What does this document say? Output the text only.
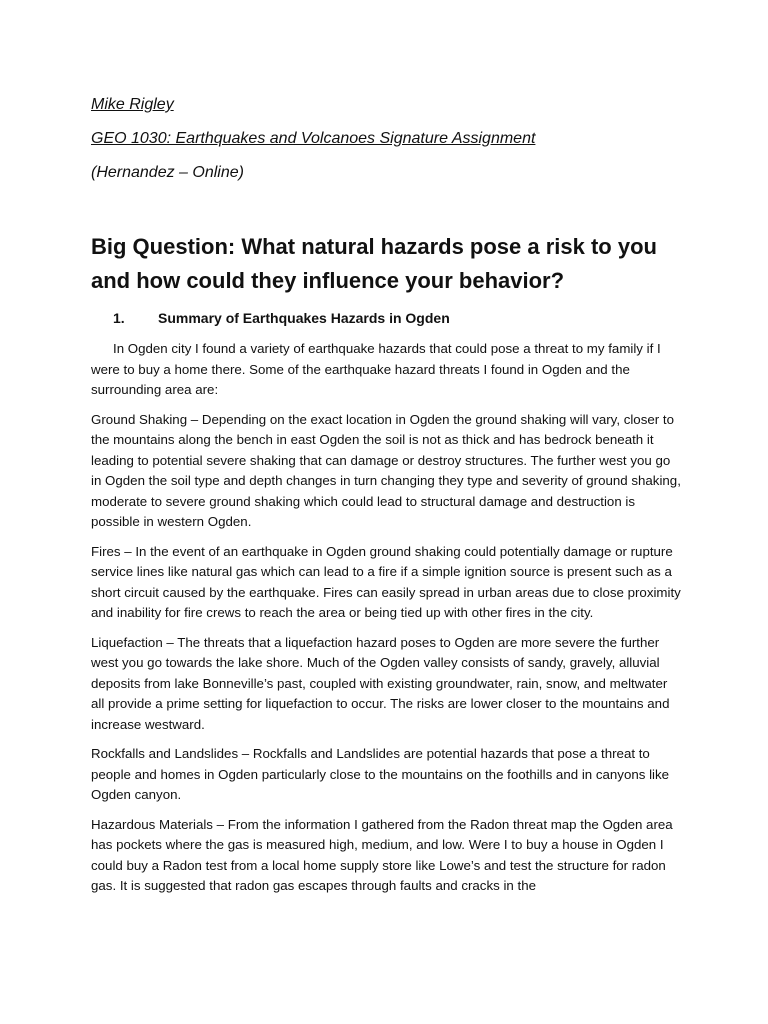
Mike Rigley
GEO 1030: Earthquakes and Volcanoes Signature Assignment
(Hernandez – Online)
Big Question: What natural hazards pose a risk to you and how could they influence your behavior?
1. Summary of Earthquakes Hazards in Ogden

In Ogden city I found a variety of earthquake hazards that could pose a threat to my family if I were to buy a home there. Some of the earthquake hazard threats I found in Ogden and the surrounding area are:

Ground Shaking – Depending on the exact location in Ogden the ground shaking will vary, closer to the mountains along the bench in east Ogden the soil is not as thick and has bedrock beneath it leading to potential severe shaking that can damage or destroy structures. The further west you go in Ogden the soil type and depth changes in turn changing they type and severity of ground shaking, moderate to severe ground shaking which could lead to structural damage and destruction is possible in western Ogden.

Fires – In the event of an earthquake in Ogden ground shaking could potentially damage or rupture service lines like natural gas which can lead to a fire if a simple ignition source is present such as a short circuit caused by the earthquake. Fires can easily spread in urban areas due to close proximity and inability for fire crews to reach the area or being tied up with other fires in the city.

Liquefaction – The threats that a liquefaction hazard poses to Ogden are more severe the further west you go towards the lake shore. Much of the Ogden valley consists of sandy, gravely, alluvial deposits from lake Bonneville’s past, coupled with existing groundwater, rain, snow, and meltwater all provide a prime setting for liquefaction to occur. The risks are lower closer to the mountains and increase westward.

Rockfalls and Landslides – Rockfalls and Landslides are potential hazards that pose a threat to people and homes in Ogden particularly close to the mountains on the foothills and in canyons like Ogden canyon.

Hazardous Materials – From the information I gathered from the Radon threat map the Ogden area has pockets where the gas is measured high, medium, and low. Were I to buy a house in Ogden I could buy a Radon test from a local home supply store like Lowe’s and test the structure for radon gas. It is suggested that radon gas escapes through faults and cracks in the
